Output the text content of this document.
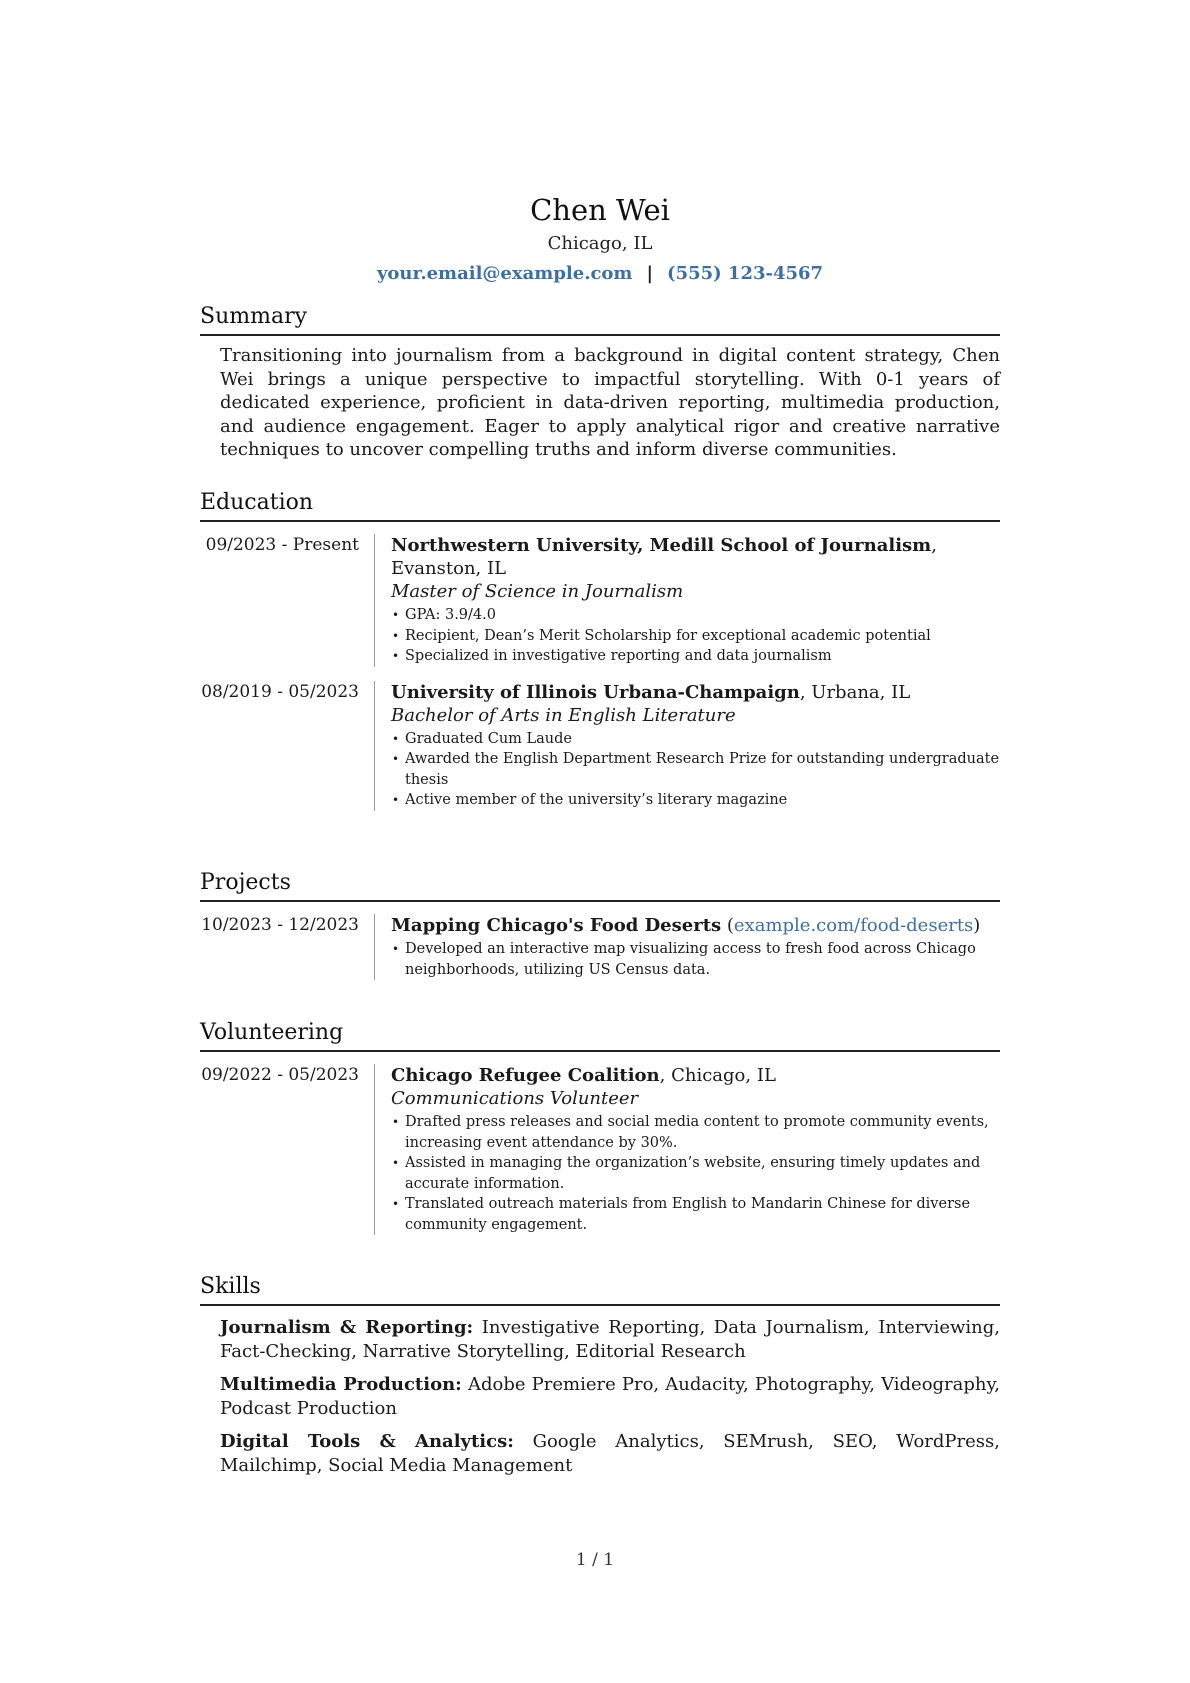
Chen Wei
Chicago, IL
your.email@example.com | (555) 123-4567
Summary

Transitioning into journalism from a background in digital content strategy, Chen Wei brings a unique perspective to impactful storytelling. With 0-1 years of dedicated experience, proficient in data-driven reporting, multimedia production, and audience engagement. Eager to apply analytical rigor and creative narrative techniques to uncover compelling truths and inform diverse communities.

Education
09/2023 - Present	Northwestern University, Medill School of Journalism, Evanston, IL
Master of Science in Journalism
• GPA: 3.9/4.0
• Recipient, Dean’s Merit Scholarship for exceptional academic potential
• Specialized in investigative reporting and data journalism
08/2019 - 05/2023	University of Illinois Urbana-Champaign, Urbana, IL
Bachelor of Arts in English Literature
• Graduated Cum Laude
• Awarded the English Department Research Prize for outstanding undergraduate thesis
• Active member of the university’s literary magazine
Projects
10/2023 - 12/2023	Mapping Chicago's Food Deserts (example.com/food-deserts)
• Developed an interactive map visualizing access to fresh food across Chicago neighborhoods, utilizing US Census data.
Volunteering
09/2022 - 05/2023	Chicago Refugee Coalition, Chicago, IL
Communications Volunteer
• Drafted press releases and social media content to promote community events, increasing event attendance by 30%.
• Assisted in managing the organization’s website, ensuring timely updates and accurate information.
• Translated outreach materials from English to Mandarin Chinese for diverse community engagement.
Skills

Journalism & Reporting: Investigative Reporting, Data Journalism, Interviewing, Fact-Checking, Narrative Storytelling, Editorial Research

Multimedia Production: Adobe Premiere Pro, Audacity, Photography, Videography, Podcast Production

Digital Tools & Analytics: Google Analytics, SEMrush, SEO, WordPress, Mailchimp, Social Media Management

1 / 1
